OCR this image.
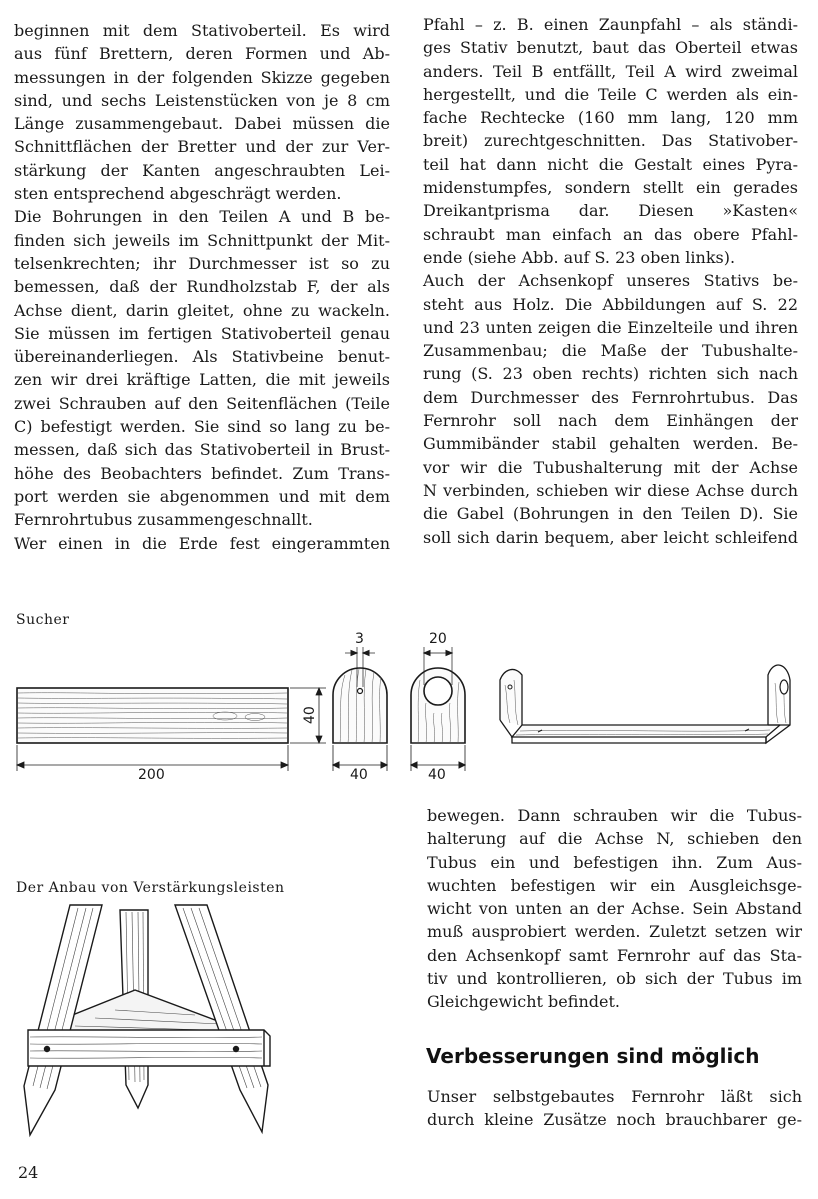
beginnen mit dem Stativoberteil. Es wird
aus fünf Brettern, deren Formen und Ab-
messungen in der folgenden Skizze gegeben
sind, und sechs Leistenstücken von je 8 cm
Länge zusammengebaut. Dabei müssen die
Schnittflächen der Bretter und der zur Ver-
stärkung der Kanten angeschraubten Lei-
sten entsprechend abgeschrägt werden.
Die Bohrungen in den Teilen A und B be-
finden sich jeweils im Schnittpunkt der Mit-
telsenkrechten; ihr Durchmesser ist so zu
bemessen, daß der Rundholzstab F, der als
Achse dient, darin gleitet, ohne zu wackeln.
Sie müssen im fertigen Stativoberteil genau
übereinanderliegen. Als Stativbeine benut-
zen wir drei kräftige Latten, die mit jeweils
zwei Schrauben auf den Seitenflächen (Teile
C) befestigt werden. Sie sind so lang zu be-
messen, daß sich das Stativoberteil in Brust-
höhe des Beobachters befindet. Zum Trans-
port werden sie abgenommen und mit dem
Fernrohrtubus zusammengeschnallt.
Wer einen in die Erde fest eingerammten
Pfahl – z. B. einen Zaunpfahl – als ständi-
ges Stativ benutzt, baut das Oberteil etwas
anders. Teil B entfällt, Teil A wird zweimal
hergestellt, und die Teile C werden als ein-
fache Rechtecke (160 mm lang, 120 mm
breit) zurechtgeschnitten. Das Stativober-
teil hat dann nicht die Gestalt eines Pyra-
midenstumpfes, sondern stellt ein gerades
Dreikantprisma dar. Diesen »Kasten«
schraubt man einfach an das obere Pfahl-
ende (siehe Abb. auf S. 23 oben links).
Auch der Achsenkopf unseres Stativs be-
steht aus Holz. Die Abbildungen auf S. 22
und 23 unten zeigen die Einzelteile und ihren
Zusammenbau; die Maße der Tubushalte-
rung (S. 23 oben rechts) richten sich nach
dem Durchmesser des Fernrohrtubus. Das
Fernrohr soll nach dem Einhängen der
Gummibänder stabil gehalten werden. Be-
vor wir die Tubushalterung mit der Achse
N verbinden, schieben wir diese Achse durch
die Gabel (Bohrungen in den Teilen D). Sie
soll sich darin bequem, aber leicht schleifend
Sucher
200
40
3
40
20
40
Der Anbau von Verstärkungsleisten
bewegen. Dann schrauben wir die Tubus-
halterung auf die Achse N, schieben den
Tubus ein und befestigen ihn. Zum Aus-
wuchten befestigen wir ein Ausgleichsge-
wicht von unten an der Achse. Sein Abstand
muß ausprobiert werden. Zuletzt setzen wir
den Achsenkopf samt Fernrohr auf das Sta-
tiv und kontrollieren, ob sich der Tubus im
Gleichgewicht befindet.
Verbesserungen sind möglich
Unser selbstgebautes Fernrohr läßt sich
durch kleine Zusätze noch brauchbarer ge-
24
